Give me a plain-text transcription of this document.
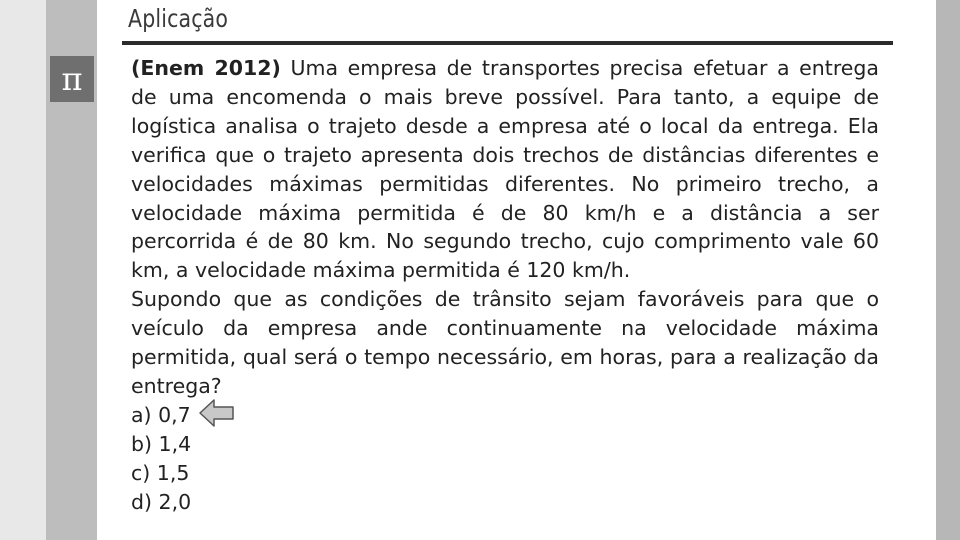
π
Aplicação

(Enem 2012) Uma empresa de transportes precisa efetuar a entrega de uma encomenda o mais breve possível. Para tanto, a equipe de logística analisa o trajeto desde a empresa até o local da entrega. Ela verifica que o trajeto apresenta dois trechos de distâncias diferentes e velocidades máximas permitidas diferentes. No primeiro trecho, a velocidade máxima permitida é de 80 km/h e a distância a ser percorrida é de 80 km. No segundo trecho, cujo comprimento vale 60 km, a velocidade máxima permitida é 120 km/h.

Supondo que as condições de trânsito sejam favoráveis para que o veículo da empresa ande continuamente na velocidade máxima permitida, qual será o tempo necessário, em horas, para a realização da entrega?

a) 0,7
b) 1,4
c) 1,5
d) 2,0
